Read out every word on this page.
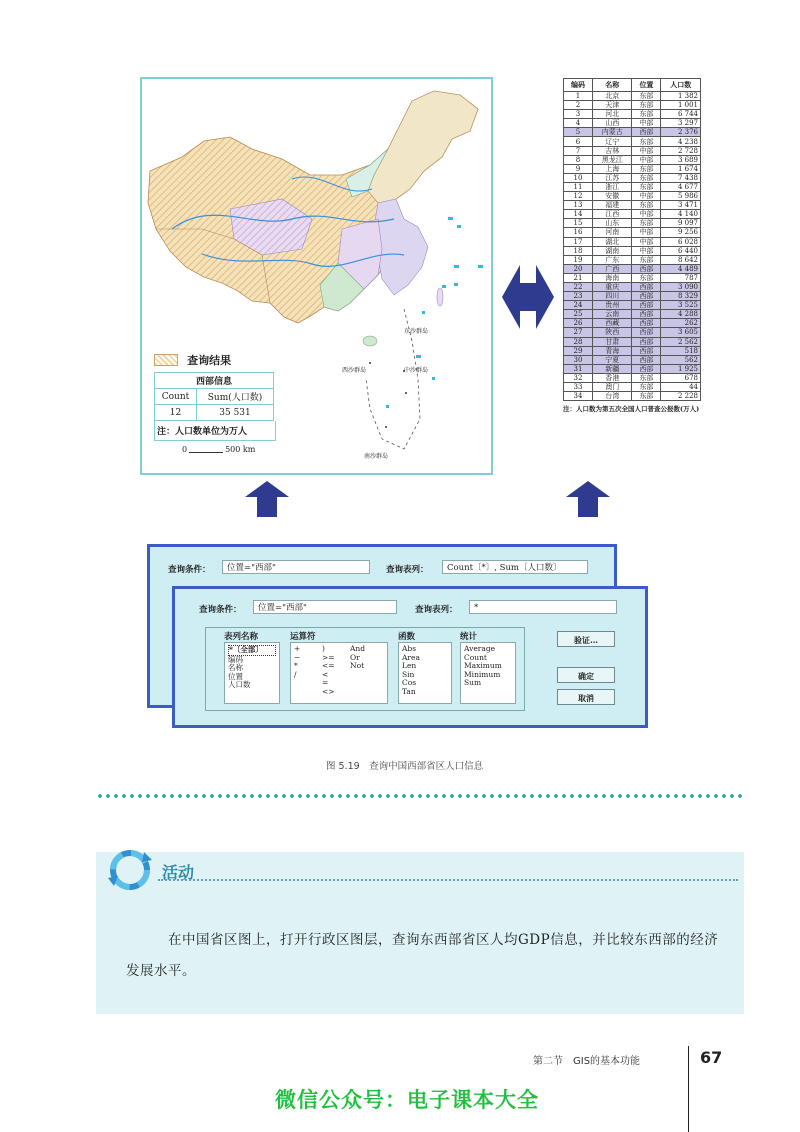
东沙群岛
西沙群岛	中沙群岛
南沙群岛
查询结果
西部信息	
Count	Sum(人口数)
12	35 531
注：人口数单位为万人
0	500 km
编码	名称	位置	人口数
1	北京	东部	1 382
2	天津	东部	1 001
3	河北	东部	6 744
4	山西	中部	3 297
5	内蒙古	西部	2 376
6	辽宁	东部	4 238
7	吉林	中部	2 728
8	黑龙江	中部	3 689
9	上海	东部	1 674
10	江苏	东部	7 438
11	浙江	东部	4 677
12	安徽	中部	5 986
13	福建	东部	3 471
14	江西	中部	4 140
15	山东	东部	9 097
16	河南	中部	9 256
17	湖北	中部	6 028
18	湖南	中部	6 440
19	广东	东部	8 642
20	广西	西部	4 489
21	海南	东部	787
22	重庆	西部	3 090
23	四川	西部	8 329
24	贵州	西部	3 525
25	云南	西部	4 288
26	西藏	西部	262
27	陕西	西部	3 605
28	甘肃	西部	2 562
29	青海	西部	518
30	宁夏	西部	562
31	新疆	西部	1 925
32	香港	东部	678
33	澳门	东部	44
34	台湾	东部	2 228
注：人口数为第五次全国人口普查公报数(万人)
查询条件：	位置="西部"	查询表列：	Count〔*〕, Sum〔人口数〕
查询条件：	位置="西部"	查询表列：	*
表列名称
*〔全部〕
编码
名称
位置
人口数
运算符
+	)	And
−	>=	Or
*	<=	Not
/	<
=
<>
函数
Abs
Area
Len
Sin
Cos
Tan
统计
Average
Count
Maximum
Minimum
Sum
验证…
确定
取消
图 5.19　查询中国西部省区人口信息
活动
在中国省区图上，打开行政区图层，查询东西部省区人均GDP信息，并比较东西部的经济发展水平。
第二节　GIS的基本功能	67
微信公众号：电子课本大全
